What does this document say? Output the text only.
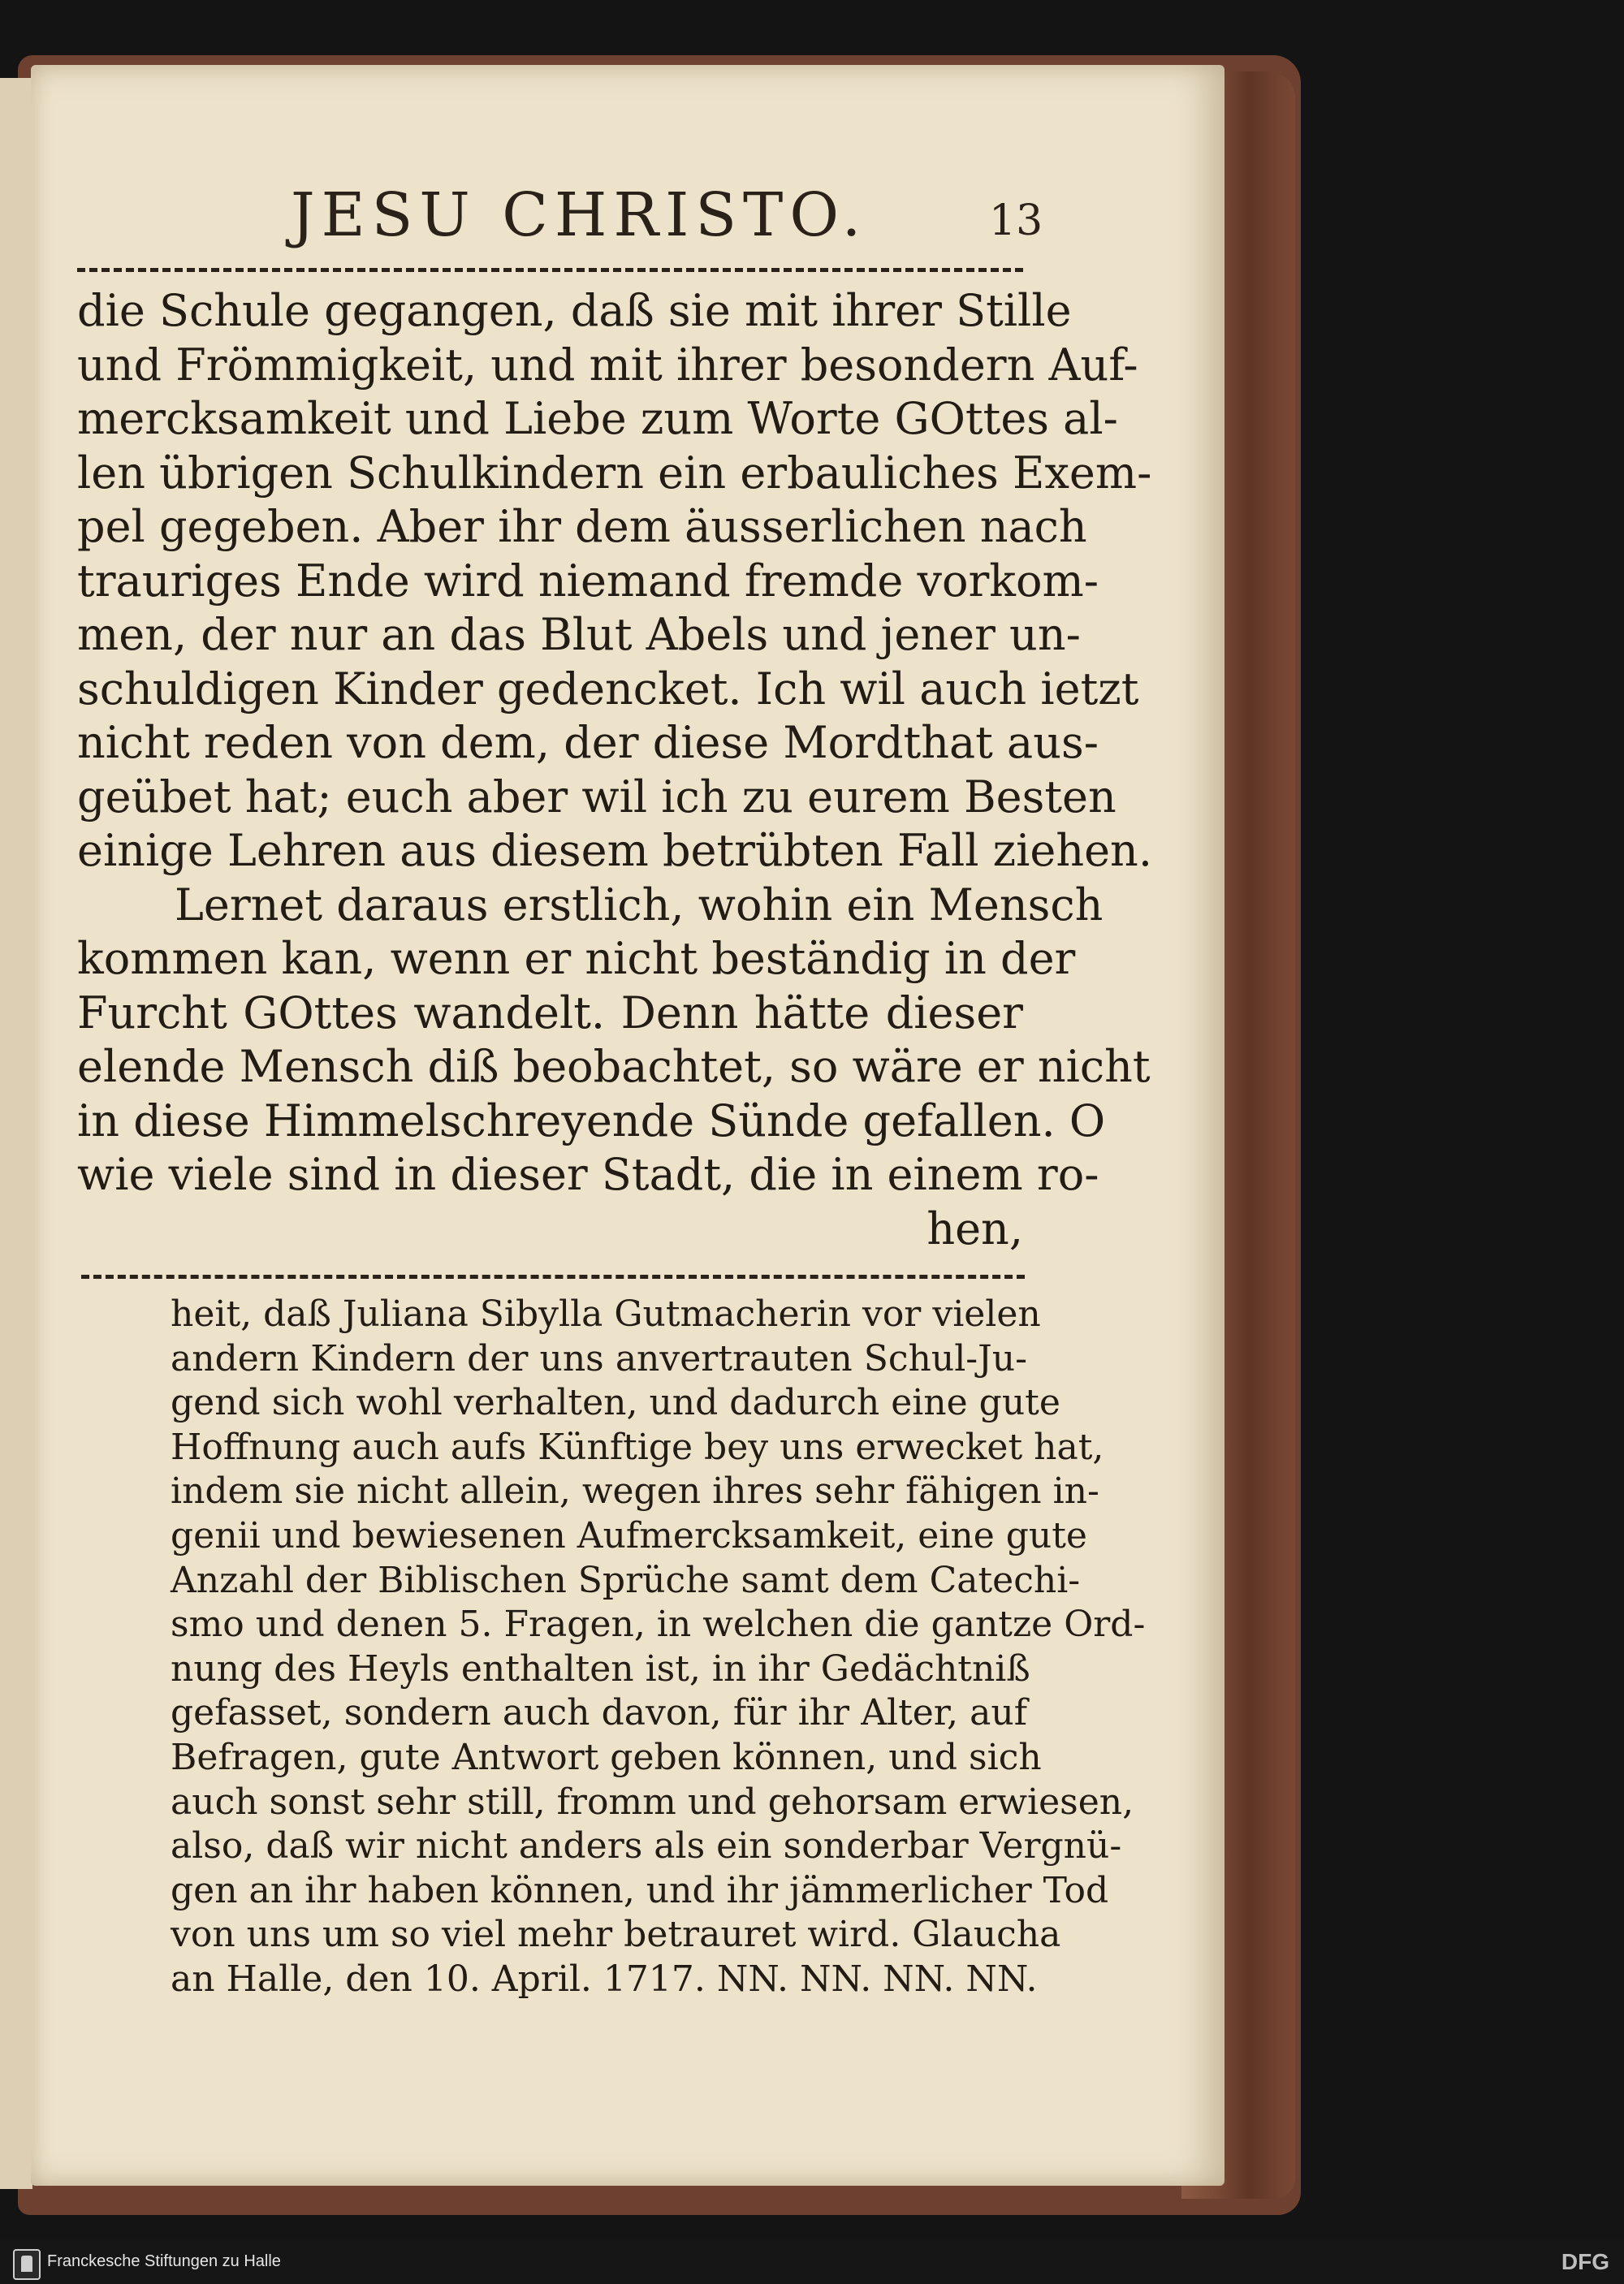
JESU CHRISTO.	13
die Schule gegangen, daß sie mit ihrer Stille
und Frömmigkeit, und mit ihrer besondern Auf-
mercksamkeit und Liebe zum Worte GOttes al-
len übrigen Schulkindern ein erbauliches Exem-
pel gegeben. Aber ihr dem äusserlichen nach
trauriges Ende wird niemand fremde vorkom-
men, der nur an das Blut Abels und jener un-
schuldigen Kinder gedencket. Ich wil auch ietzt
nicht reden von dem, der diese Mordthat aus-
geübet hat; euch aber wil ich zu eurem Besten
einige Lehren aus diesem betrübten Fall ziehen.
Lernet daraus erstlich, wohin ein Mensch
kommen kan, wenn er nicht beständig in der
Furcht GOttes wandelt. Denn hätte dieser
elende Mensch diß beobachtet, so wäre er nicht
in diese Himmelschreyende Sünde gefallen. O
wie viele sind in dieser Stadt, die in einem ro-
hen,
heit, daß Juliana Sibylla Gutmacherin vor vielen
andern Kindern der uns anvertrauten Schul-Ju-
gend sich wohl verhalten, und dadurch eine gute
Hoffnung auch aufs Künftige bey uns erwecket hat,
indem sie nicht allein, wegen ihres sehr fähigen in-
genii und bewiesenen Aufmercksamkeit, eine gute
Anzahl der Biblischen Sprüche samt dem Catechi-
smo und denen 5. Fragen, in welchen die gantze Ord-
nung des Heyls enthalten ist, in ihr Gedächtniß
gefasset, sondern auch davon, für ihr Alter, auf
Befragen, gute Antwort geben können, und sich
auch sonst sehr still, fromm und gehorsam erwiesen,
also, daß wir nicht anders als ein sonderbar Vergnü-
gen an ihr haben können, und ihr jämmerlicher Tod
von uns um so viel mehr betrauret wird. Glaucha
an Halle, den 10. April. 1717. NN. NN. NN. NN.
Franckesche Stiftungen zu Halle	DFG
